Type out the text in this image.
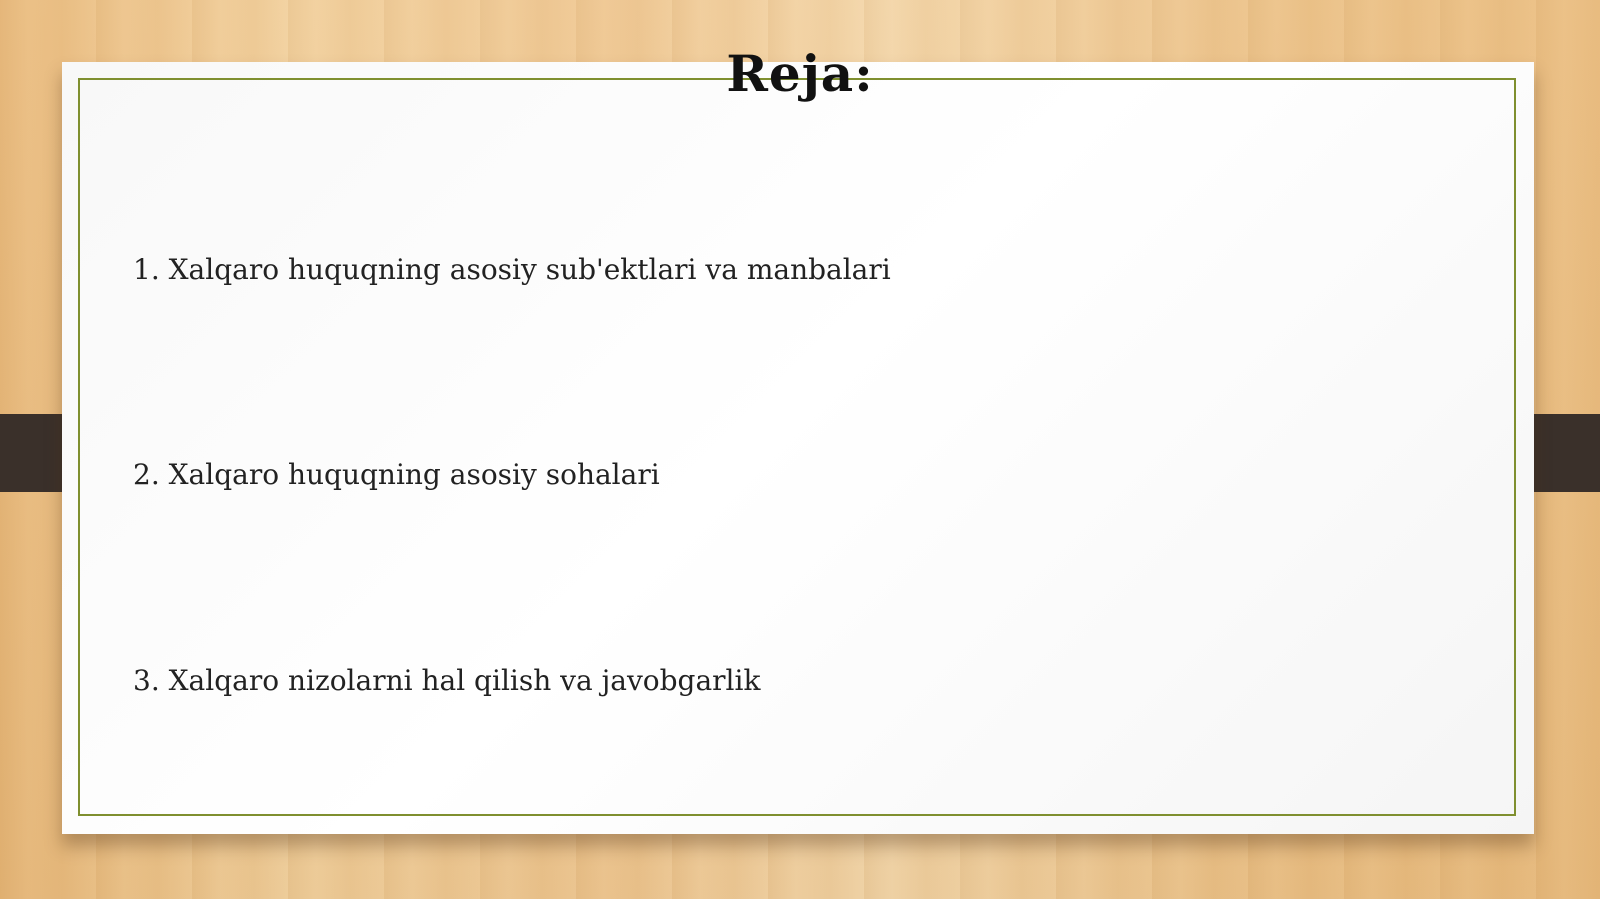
Reja:
1. Xalqaro huquqning asosiy sub'ektlari va manbalari
2. Xalqaro huquqning asosiy sohalari
3. Xalqaro nizolarni hal qilish va javobgarlik
